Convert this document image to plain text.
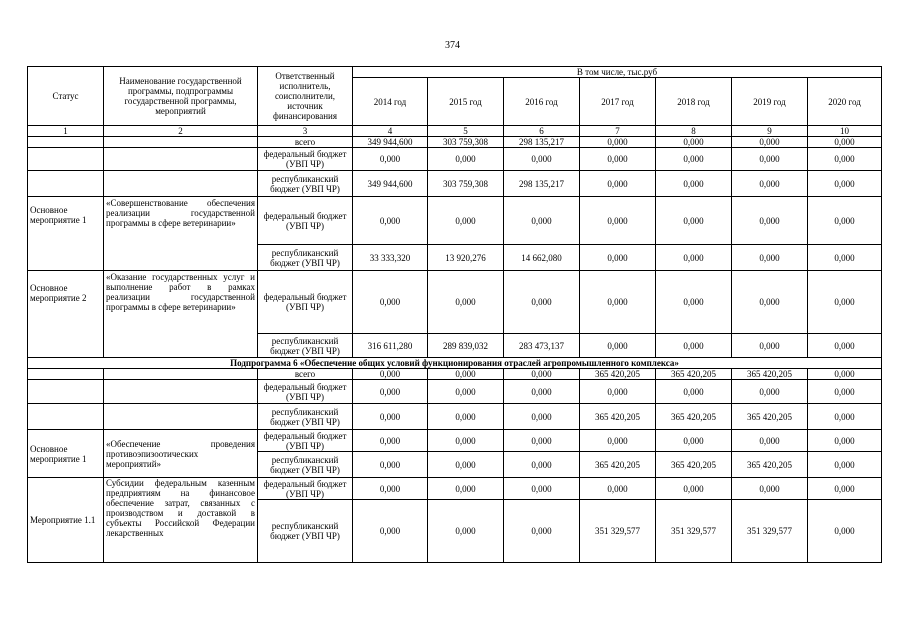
374
Статус	Наименование государственной программы, подпрограммы государственной программы, мероприятий	Ответственный исполнитель, соисполнители, источник финансирования	В том числе, тыс.руб						
			2014 год	2015 год	2016 год	2017 год	2018 год	2019 год	2020 год
1	2	3	4	5	6	7	8	9	10
		всего	349 944,600	303 759,308	298 135,217	0,000	0,000	0,000	0,000
		федеральный бюджет (УВП ЧР)	0,000	0,000	0,000	0,000	0,000	0,000	0,000
		республиканский бюджет (УВП ЧР)	349 944,600	303 759,308	298 135,217	0,000	0,000	0,000	0,000
Основное мероприятие 1	«Совершенствование обеспечения реализации государственной программы в сфере ветеринарии»	федеральный бюджет (УВП ЧР)	0,000	0,000	0,000	0,000	0,000	0,000	0,000
		республиканский бюджет (УВП ЧР)	33 333,320	13 920,276	14 662,080	0,000	0,000	0,000	0,000
Основное мероприятие 2	«Оказание государственных услуг и выполнение работ в рамках реализации государственной программы в сфере ветеринарии»	федеральный бюджет (УВП ЧР)	0,000	0,000	0,000	0,000	0,000	0,000	0,000
		республиканский бюджет (УВП ЧР)	316 611,280	289 839,032	283 473,137	0,000	0,000	0,000	0,000
Подпрограмма 6 «Обеспечение общих условий функционирования отраслей агропромышленного комплекса»									
		всего	0,000	0,000	0,000	365 420,205	365 420,205	365 420,205	0,000
		федеральный бюджет (УВП ЧР)	0,000	0,000	0,000	0,000	0,000	0,000	0,000
		республиканский бюджет (УВП ЧР)	0,000	0,000	0,000	365 420,205	365 420,205	365 420,205	0,000
Основное мероприятие 1	«Обеспечение проведения противоэпизоотических мероприятий»	федеральный бюджет (УВП ЧР)	0,000	0,000	0,000	0,000	0,000	0,000	0,000
		республиканский бюджет (УВП ЧР)	0,000	0,000	0,000	365 420,205	365 420,205	365 420,205	0,000
Мероприятие 1.1	Субсидии федеральным казенным предприятиям на финансовое обеспечение затрат, связанных с производством и доставкой в субъекты Российской Федерации лекарственных	федеральный бюджет (УВП ЧР)	0,000	0,000	0,000	0,000	0,000	0,000	0,000
		республиканский бюджет (УВП ЧР)	0,000	0,000	0,000	351 329,577	351 329,577	351 329,577	0,000
